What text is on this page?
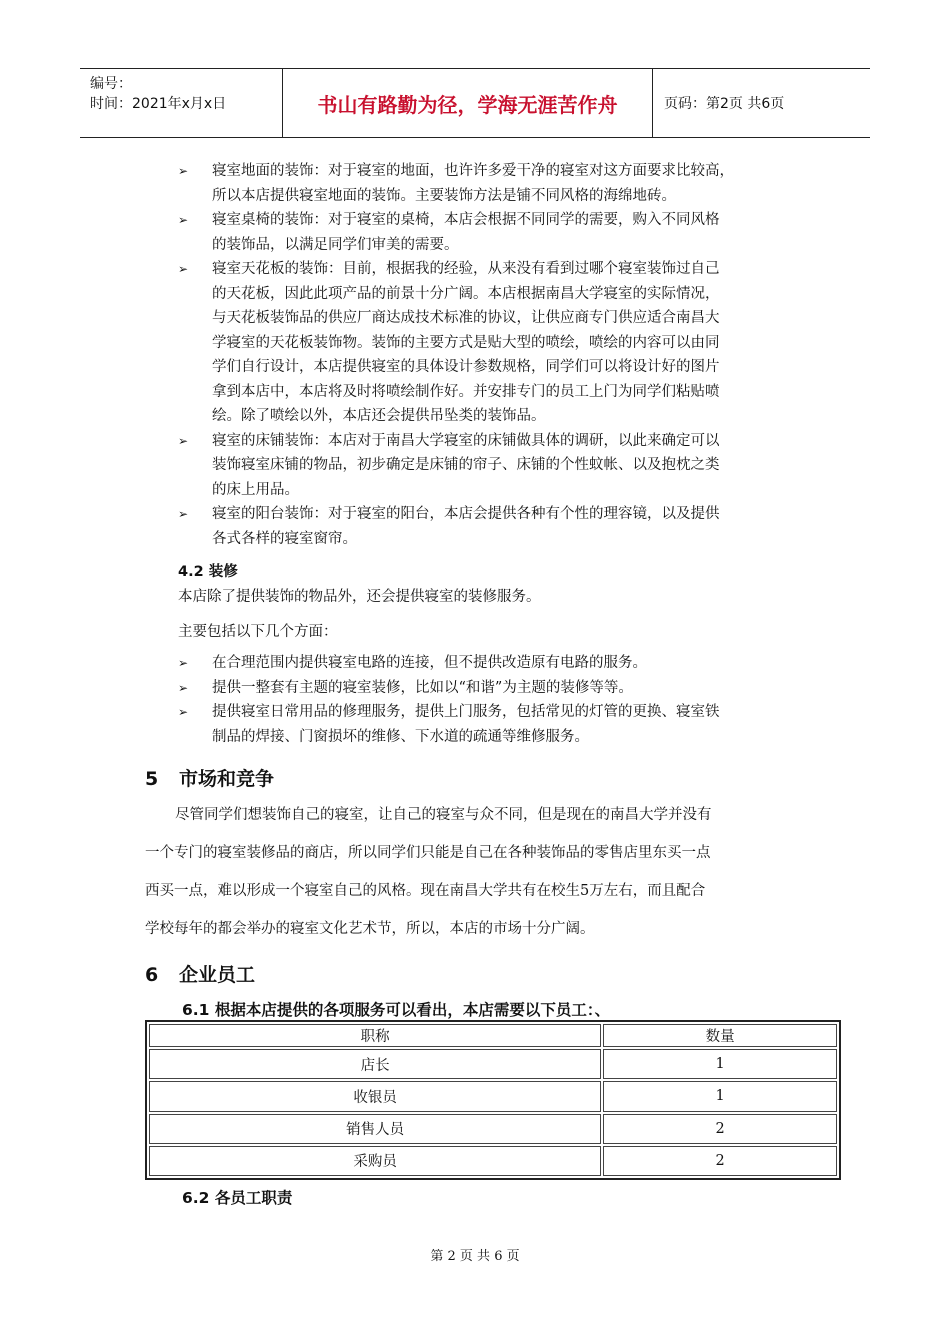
编号：
时间：2021年x月x日	书山有路勤为径，学海无涯苦作舟	页码：第2页 共6页
➢ 寝室地面的装饰：对于寝室的地面，也许许多爱干净的寝室对这方面要求比较高，
所以本店提供寝室地面的装饰。主要装饰方法是铺不同风格的海绵地砖。
➢ 寝室桌椅的装饰：对于寝室的桌椅，本店会根据不同同学的需要，购入不同风格
的装饰品，以满足同学们审美的需要。
➢ 寝室天花板的装饰：目前，根据我的经验，从来没有看到过哪个寝室装饰过自己
的天花板，因此此项产品的前景十分广阔。本店根据南昌大学寝室的实际情况，
与天花板装饰品的供应厂商达成技术标准的协议，让供应商专门供应适合南昌大
学寝室的天花板装饰物。装饰的主要方式是贴大型的喷绘，喷绘的内容可以由同
学们自行设计，本店提供寝室的具体设计参数规格，同学们可以将设计好的图片
拿到本店中，本店将及时将喷绘制作好。并安排专门的员工上门为同学们粘贴喷
绘。除了喷绘以外，本店还会提供吊坠类的装饰品。
➢ 寝室的床铺装饰：本店对于南昌大学寝室的床铺做具体的调研，以此来确定可以
装饰寝室床铺的物品，初步确定是床铺的帘子、床铺的个性蚊帐、以及抱枕之类
的床上用品。
➢ 寝室的阳台装饰：对于寝室的阳台，本店会提供各种有个性的理容镜，以及提供
各式各样的寝室窗帘。
4.2 装修
本店除了提供装饰的物品外，还会提供寝室的装修服务。
主要包括以下几个方面：
➢ 在合理范围内提供寝室电路的连接，但不提供改造原有电路的服务。
➢ 提供一整套有主题的寝室装修，比如以“和谐”为主题的装修等等。
➢ 提供寝室日常用品的修理服务，提供上门服务，包括常见的灯管的更换、寝室铁
制品的焊接、门窗损坏的维修、下水道的疏通等维修服务。
5 市场和竞争
尽管同学们想装饰自己的寝室，让自己的寝室与众不同，但是现在的南昌大学并没有
一个专门的寝室装修品的商店，所以同学们只能是自己在各种装饰品的零售店里东买一点
西买一点，难以形成一个寝室自己的风格。现在南昌大学共有在校生5万左右，而且配合
学校每年的都会举办的寝室文化艺术节，所以，本店的市场十分广阔。
6 企业员工
6.1 根据本店提供的各项服务可以看出，本店需要以下员工：、
职称	数量
店长	1
收银员	1
销售人员	2
采购员	2
6.2 各员工职责
第 2 页 共 6 页
